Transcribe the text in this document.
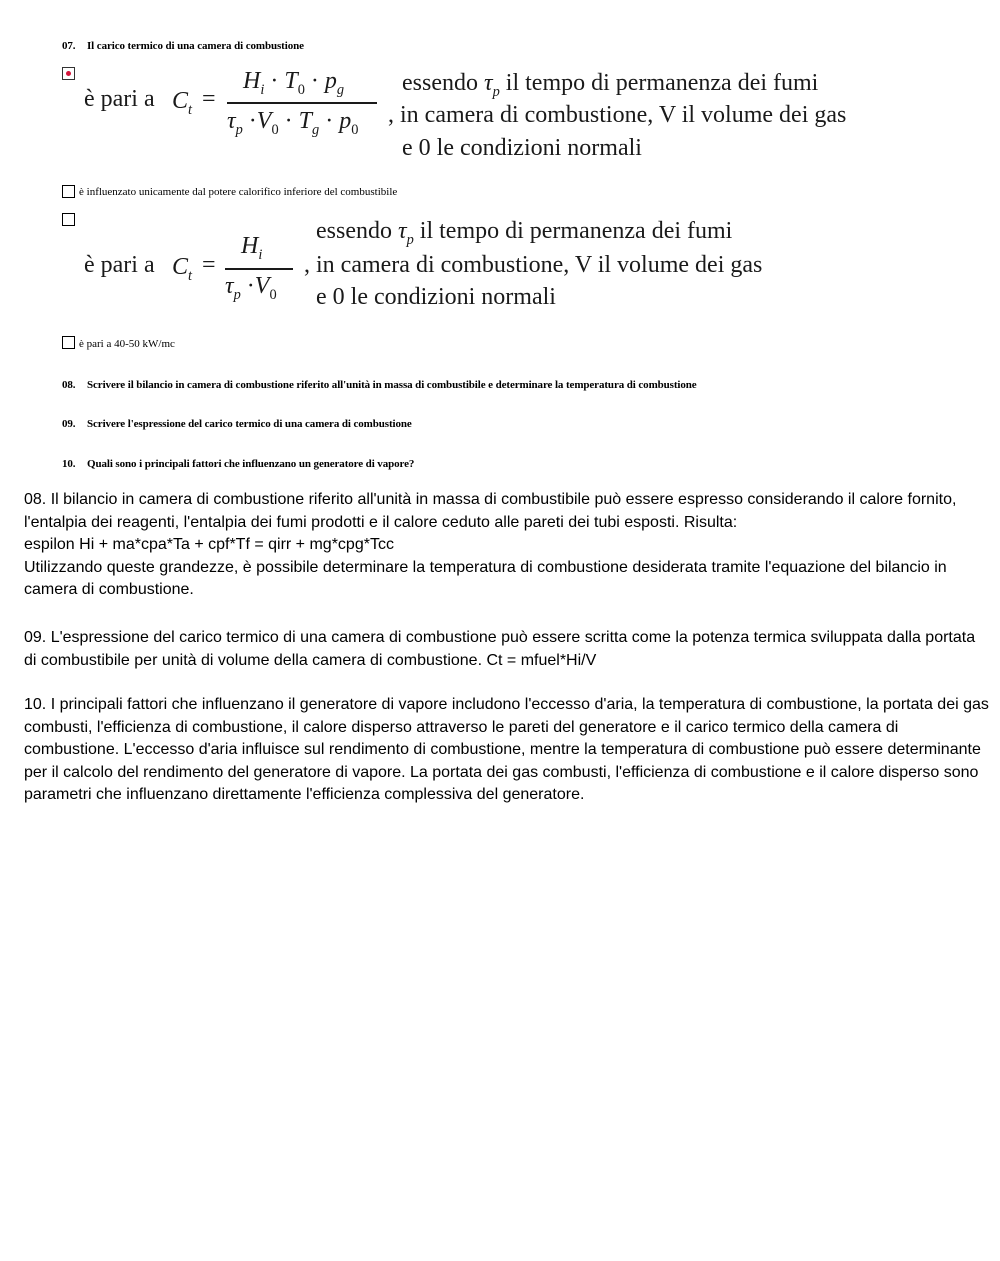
07. Il carico termico di una camera di combustione
è pari a $C_t$ =
$H_i \cdot T_0 \cdot p_g$
$\tau_p \cdot V_0 \cdot T_g \cdot p_0$
essendo $\tau_p$ il tempo di permanenza dei fumi
, in camera di combustione, V il volume dei gas
e 0 le condizioni normali
è influenzato unicamente dal potere calorifico inferiore del combustibile
è pari a $C_t$ =
$H_i$
$\tau_p \cdot V_0$
essendo $\tau_p$ il tempo di permanenza dei fumi
, in camera di combustione, V il volume dei gas
e 0 le condizioni normali
è pari a 40-50 kW/mc
08. Scrivere il bilancio in camera di combustione riferito all'unità in massa di combustibile e determinare la temperatura di combustione
09. Scrivere l'espressione del carico termico di una camera di combustione
10. Quali sono i principali fattori che influenzano un generatore di vapore?

08. Il bilancio in camera di combustione riferito all'unità in massa di combustibile può essere espresso considerando il calore fornito, l'entalpia dei reagenti, l'entalpia dei fumi prodotti e il calore ceduto alle pareti dei tubi esposti. Risulta:

espilon Hi + ma*cpa*Ta + cpf*Tf = qirr + mg*cpg*Tcc

Utilizzando queste grandezze, è possibile determinare la temperatura di combustione desiderata tramite l'equazione del bilancio in camera di combustione.

09. L'espressione del carico termico di una camera di combustione può essere scritta come la potenza termica sviluppata dalla portata di combustibile per unità di volume della camera di combustione. Ct = mfuel*Hi/V

10. I principali fattori che influenzano il generatore di vapore includono l'eccesso d'aria, la temperatura di combustione, la portata dei gas combusti, l'efficienza di combustione, il calore disperso attraverso le pareti del generatore e il carico termico della camera di combustione. L'eccesso d'aria influisce sul rendimento di combustione, mentre la temperatura di combustione può essere determinante per il calcolo del rendimento del generatore di vapore. La portata dei gas combusti, l'efficienza di combustione e il calore disperso sono parametri che influenzano direttamente l'efficienza complessiva del generatore.
